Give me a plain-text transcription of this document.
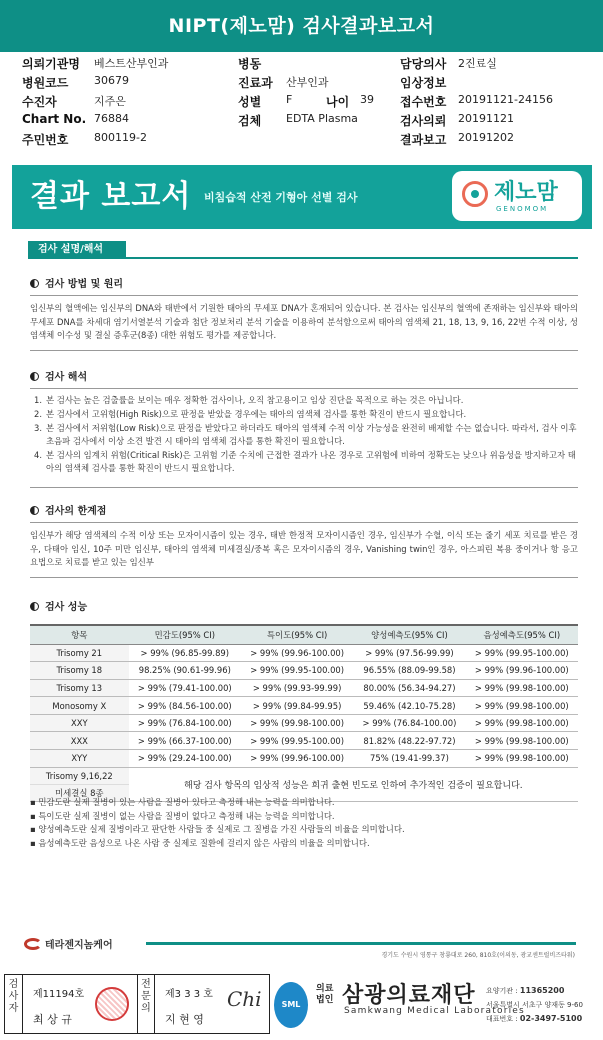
NIPT(제노맘) 검사결과보고서
의뢰기관명 베스트산부인과	병동	담당의사 2진료실
병원코드 30679	진료과 산부인과	임상정보
수진자	지주은	성별 F	나이 39 접수번호 20191121-24156
Chart No. 76884	검체 EDTA Plasma	검사의뢰 20191121
주민번호 800119-2	결과보고 20191202
결과 보고서 비침습적 산전 기형아 선별 검사	제노맘
GENOMOM
검사 설명/해석
검사 방법 및 원리
임신부의 혈액에는 임신부의 DNA와 태반에서 기원한 태아의 무세포 DNA가 혼재되어 있습니다. 본 검사는 임신부의 혈액에 존재하는 임신부와 태아의 무세포 DNA를 차세대 염기서열분석 기술과 첨단 정보처리 분석 기술을 이용하여 분석함으로써 태아의 염색체 21, 18, 13, 9, 16, 22번 수적 이상, 성염색체 이수성 및 결실 증후군(8종) 대한 위험도 평가를 제공합니다.
검사 해석
1. 본 검사는 높은 검출률을 보이는 매우 정확한 검사이나, 오직 참고용이고 임상 진단을 목적으로 하는 것은 아닙니다.
2. 본 검사에서 고위험(High Risk)으로 판정을 받았을 경우에는 태아의 염색체 검사를 통한 확진이 반드시 필요합니다.
3. 본 검사에서 저위험(Low Risk)으로 판정을 받았다고 하더라도 태아의 염색체 수적 이상 가능성을 완전히 배제할 수는 없습니다. 따라서, 검사 이후 초음파 검사에서 이상 소견 발견 시 태아의 염색체 검사를 통한 확진이 필요합니다.
4. 본 검사의 임계치 위험(Critical Risk)은 고위험 기준 수치에 근접한 결과가 나온 경우로 고위험에 비하여 정확도는 낮으나 위음성을 방지하고자 태아의 염색체 검사를 통한 확진이 반드시 필요합니다.
검사의 한계점
임신부가 해당 염색체의 수적 이상 또는 모자이시즘이 있는 경우, 태반 한정적 모자이시즘인 경우, 임신부가 수혈, 이식 또는 줄기 세포 치료를 받은 경우, 다태아 임신, 10주 미만 임신부, 태아의 염색체 미세결실/중복 혹은 모자이시즘의 경우, Vanishing twin인 경우, 아스피린 복용 중이거나 항 응고 요법으로 치료를 받고 있는 임신부
검사 성능
항목	민감도(95% CI)	특이도(95% CI)	양성예측도(95% CI)	음성예측도(95% CI)
Trisomy 21	> 99% (96.85-99.89)	> 99% (99.96-100.00)	> 99% (97.56-99.99)	> 99% (99.95-100.00)
Trisomy 18	98.25% (90.61-99.96)	> 99% (99.95-100.00)	96.55% (88.09-99.58)	> 99% (99.96-100.00)
Trisomy 13	> 99% (79.41-100.00)	> 99% (99.93-99.99)	80.00% (56.34-94.27)	> 99% (99.98-100.00)
Monosomy X	> 99% (84.56-100.00)	> 99% (99.84-99.95)	59.46% (42.10-75.28)	> 99% (99.98-100.00)
XXY	> 99% (76.84-100.00)	> 99% (99.98-100.00)	> 99% (76.84-100.00)	> 99% (99.98-100.00)
XXX	> 99% (66.37-100.00)	> 99% (99.95-100.00)	81.82% (48.22-97.72)	> 99% (99.98-100.00)
XYY	> 99% (29.24-100.00)	> 99% (99.96-100.00)	75% (19.41-99.37)	> 99% (99.98-100.00)
Trisomy 9,16,22	해당 검사 항목의 임상적 성능은 희귀 출현 빈도로 인하여 추가적인 검증이 필요합니다.			
미세결실 8종				
▪ 민감도란 실제 질병이 있는 사람을 질병이 있다고 측정해 내는 능력을 의미합니다.
▪ 특이도란 실제 질병이 없는 사람을 질병이 없다고 측정해 내는 능력을 의미합니다.
▪ 양성예측도란 실제 질병이라고 판단한 사람들 중 실제로 그 질병을 가진 사람들의 비율을 의미합니다.
▪ 음성예측도란 음성으로 나온 사람 중 실제로 질환에 걸리지 않은 사람의 비율을 의미합니다.
테라젠지놈케어
경기도 수원시 영통구 창룡대로 260, 810호(이의동, 광교센트럴비즈타워)
검사자
제11194호
최 상 규
전문의
제3 3 3 호
지 현 영
Chi	SML
의료
법인 삼광의료재단
Samkwang Medical Laboratories
요양기관 : 11365200
서울특별시 서초구 양재동 9-60
대표번호 : 02-3497-5100
